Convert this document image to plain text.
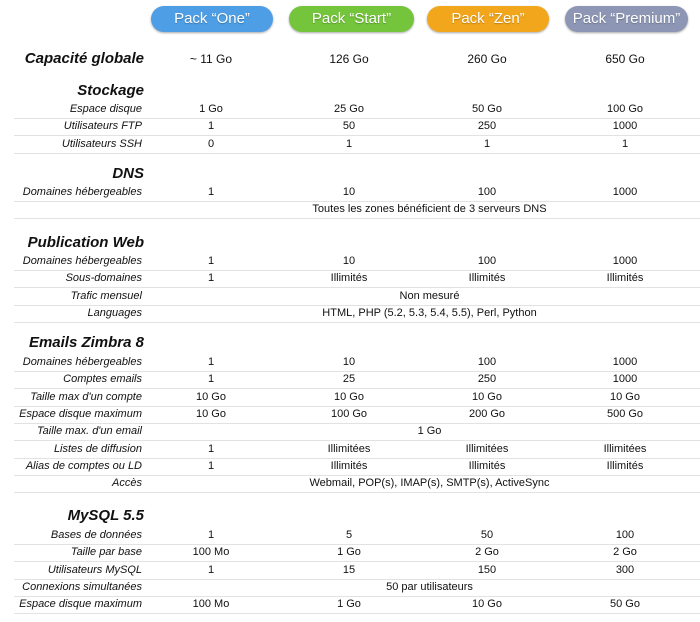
Pack “One”	Pack “Start”	Pack “Zen”	Pack “Premium”
Capacité globale	~ 11 Go	126 Go	260 Go	650 Go
Stockage
Espace disque	1 Go	25 Go	50 Go	100 Go
Utilisateurs FTP	1	50	250	1000
Utilisateurs SSH	0	1	1	1
DNS
Domaines hébergeables	1	10	100	1000
Toutes les zones bénéficient de 3 serveurs DNS
Publication Web
Domaines hébergeables	1	10	100	1000
Sous-domaines	1	Illimités	Illimités	Illimités
Trafic mensuel	Non mesuré
Languages	HTML, PHP (5.2, 5.3, 5.4, 5.5), Perl, Python
Emails Zimbra 8
Domaines hébergeables	1	10	100	1000
Comptes emails	1	25	250	1000
Taille max d'un compte	10 Go	10 Go	10 Go	10 Go
Espace disque maximum	10 Go	100 Go	200 Go	500 Go
Taille max. d'un email	1 Go
Listes de diffusion	1	Illimitées	Illimitées	Illimitées
Alias de comptes ou LD	1	Illimités	Illimités	Illimités
Accès	Webmail, POP(s), IMAP(s), SMTP(s), ActiveSync
MySQL 5.5
Bases de données	1	5	50	100
Taille par base	100 Mo	1 Go	2 Go	2 Go
Utilisateurs MySQL	1	15	150	300
Connexions simultanées	50 par utilisateurs
Espace disque maximum	100 Mo	1 Go	10 Go	50 Go
